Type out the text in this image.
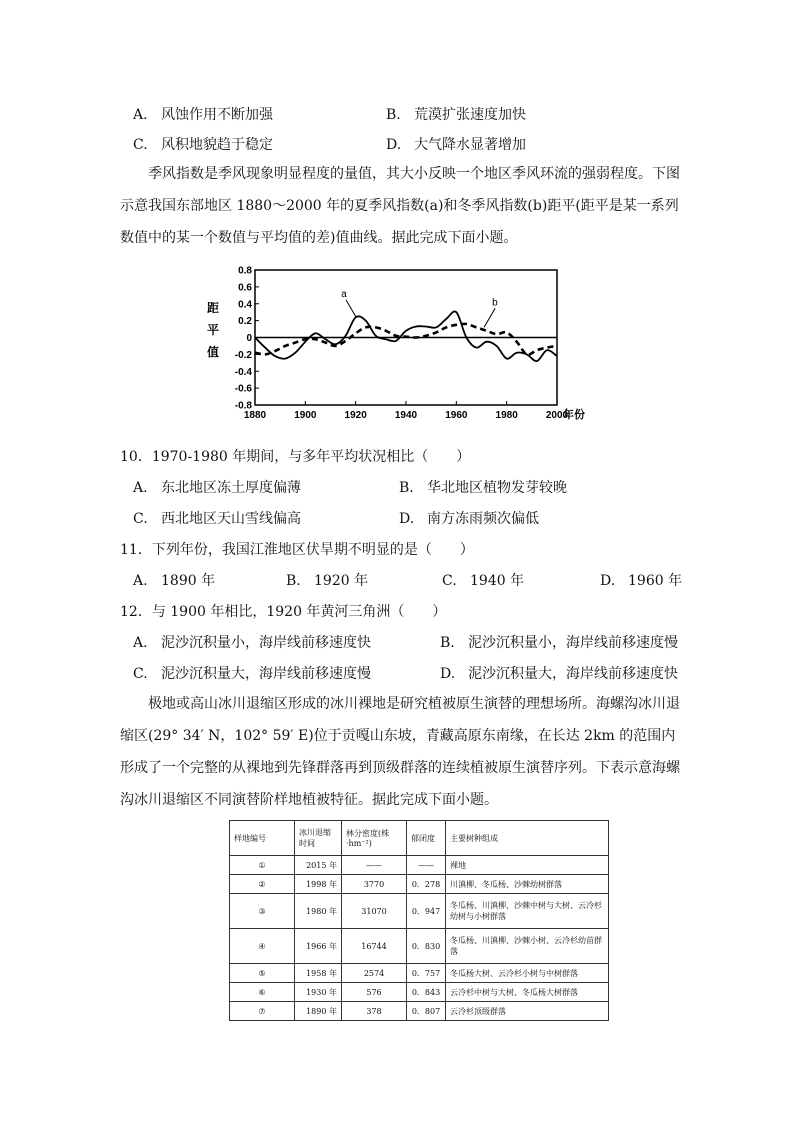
A. 风蚀作用不断加强	B. 荒漠扩张速度加快
C. 风积地貌趋于稳定	D. 大气降水显著增加
季风指数是季风现象明显程度的量值，其大小反映一个地区季风环流的强弱程度。下图示意我国东部地区 1880～2000 年的夏季风指数(a)和冬季风指数(b)距平(距平是某一系列数值中的某一个数值与平均值的差)值曲线。据此完成下面小题。
0.8
0.6
0.4
0.2
0
-0.2
-0.4
-0.6
-0.8
1880	1900	1920	1940	1960	1980	2000
年份
距平值
a
b
10．1970-1980 年期间，与多年平均状况相比（　　）
A. 东北地区冻土厚度偏薄	B. 华北地区植物发芽较晚
C. 西北地区天山雪线偏高	D. 南方冻雨频次偏低
11．下列年份，我国江淮地区伏旱期不明显的是（　　）
A. 1890 年	B. 1920 年	C. 1940 年	D. 1960 年
12．与 1900 年相比，1920 年黄河三角洲（　　）
A. 泥沙沉积量小，海岸线前移速度快	B. 泥沙沉积量小，海岸线前移速度慢
C. 泥沙沉积量大，海岸线前移速度慢	D. 泥沙沉积量大，海岸线前移速度快
极地或高山冰川退缩区形成的冰川裸地是研究植被原生演替的理想场所。海螺沟冰川退缩区(29° 34′ N，102° 59′ E)位于贡嘎山东坡，青藏高原东南缘，在长达 2km 的范围内形成了一个完整的从裸地到先锋群落再到顶级群落的连续植被原生演替序列。下表示意海螺沟冰川退缩区不同演替阶样地植被特征。据此完成下面小题。
样地编号	冰川退缩时间	林分密度(株·hm⁻²)	郁闭度	主要树种组成
①	2015 年	——	——	裸地
②	1998 年	3770	0．278	川滇柳、冬瓜杨、沙棘幼树群落
③	1980 年	31070	0．947	冬瓜杨、川滇柳、沙棘中树与大树、云冷杉幼树与小树群落
④	1966 年	16744	0．830	冬瓜杨、川滇柳、沙棘小树、云冷杉幼苗群落
⑤	1958 年	2574	0．757	冬瓜杨大树、云冷杉小树与中树群落
⑥	1930 年	576	0．843	云冷杉中树与大树、冬瓜杨大树群落
⑦	1890 年	378	0．807	云冷杉顶级群落
